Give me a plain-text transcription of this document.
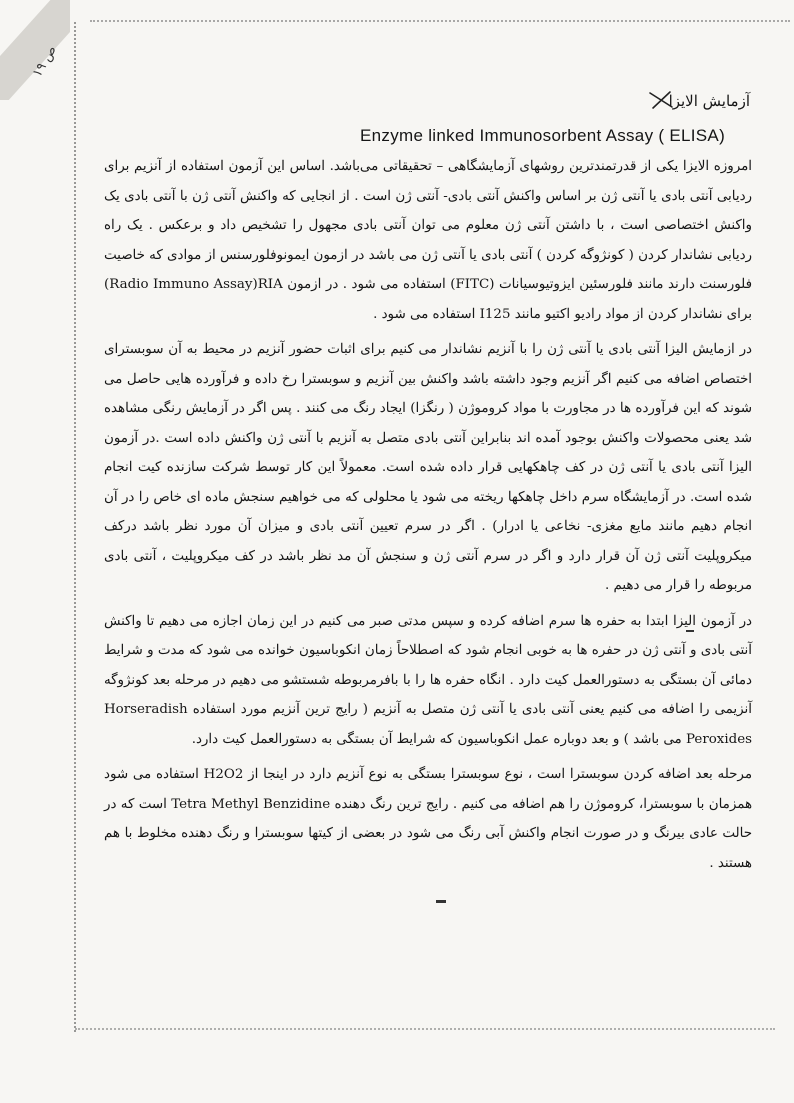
ص ۱۹
آزمایش الایزا
Enzyme linked Immunosorbent Assay ( ELISA)

امروزه الایزا یکی از قدرتمندترین روشهای آزمایشگاهی – تحقیقاتی می‌باشد. اساس این آزمون استفاده از آنزیم برای ردیابی آنتی بادی یا آنتی ژن بر اساس واکنش آنتی بادی- آنتی ژن است . از انجایی که واکنش آنتی ژن با آنتی بادی یک واکنش اختصاصی است ، با داشتن آنتی ژن معلوم می توان آنتی بادی مجهول را تشخیص داد و برعکس . یک راه ردیابی نشاندار کردن ( کونژوگه کردن ) آنتی بادی یا آنتی ژن می باشد در ازمون ایمونوفلورسنس از موادی که خاصیت فلورسنت دارند مانند فلورسئین ایزوتیوسیانات (FITC) استفاده می شود . در ازمون Radio Immuno Assay)RIA) برای نشاندار کردن از مواد رادیو اکتیو مانند I125 استفاده می شود .

در ازمایش الیزا آنتی بادی یا آنتی ژن را با آنزیم نشاندار می کنیم برای اثبات حضور آنزیم در محیط به آن سوبسترای اختصاص اضافه می کنیم اگر آنزیم وجود داشته باشد واکنش بین آنزیم و سوبسترا رخ داده و فرآورده هایی حاصل می شوند که این فرآورده ها در مجاورت با مواد کروموژن ( رنگزا) ایجاد رنگ می کنند . پس اگر در آزمایش رنگی مشاهده شد یعنی محصولات واکنش بوجود آمده اند بنابراین آنتی بادی متصل به آنزیم با آنتی ژن واکنش داده است .در آزمون الیزا آنتی بادی یا آنتی ژن در کف چاهکهایی قرار داده شده است. معمولاً این کار توسط شرکت سازنده کیت انجام شده است. در آزمایشگاه سرم داخل چاهکها ریخته می شود یا محلولی که می خواهیم سنجش ماده ای خاص را در آن انجام دهیم مانند مایع مغزی- نخاعی یا ادرار) . اگر در سرم تعیین آنتی بادی و میزان آن مورد نظر باشد درکف میکروپلیت آنتی ژن آن قرار دارد و اگر در سرم آنتی ژن و سنجش آن مد نظر باشد در کف میکروپلیت ، آنتی بادی مربوطه را قرار می دهیم .

در آزمون الیزا ابتدا به حفره ها سرم اضافه کرده و سپس مدتی صبر می کنیم در این زمان اجازه می دهیم تا واکنش آنتی بادی و آنتی ژن در حفره ها به خوبی انجام شود که اصطلاحاً زمان انکوباسیون خوانده می شود که مدت و شرایط دمائی آن بستگی به دستورالعمل کیت دارد . انگاه حفره ها را با بافرمربوطه شستشو می دهیم در مرحله بعد کونژوگه آنزیمی را اضافه می کنیم یعنی آنتی بادی یا آنتی ژن متصل به آنزیم ( رایج ترین آنزیم مورد استفاده Horseradish Peroxides می باشد ) و بعد دوباره عمل انکوباسیون که شرایط آن بستگی به دستورالعمل کیت دارد.

مرحله بعد اضافه کردن سوبسترا است ، نوع سوبسترا بستگی به نوع آنزیم دارد در اینجا از H2O2 استفاده می شود همزمان با سوبسترا، کروموژن را هم اضافه می کنیم . رایج ترین رنگ دهنده Tetra Methyl Benzidine است که در حالت عادی بیرنگ و در صورت انجام واکنش آبی رنگ می شود در بعضی از کیتها سوبسترا و رنگ دهنده مخلوط با هم هستند .
